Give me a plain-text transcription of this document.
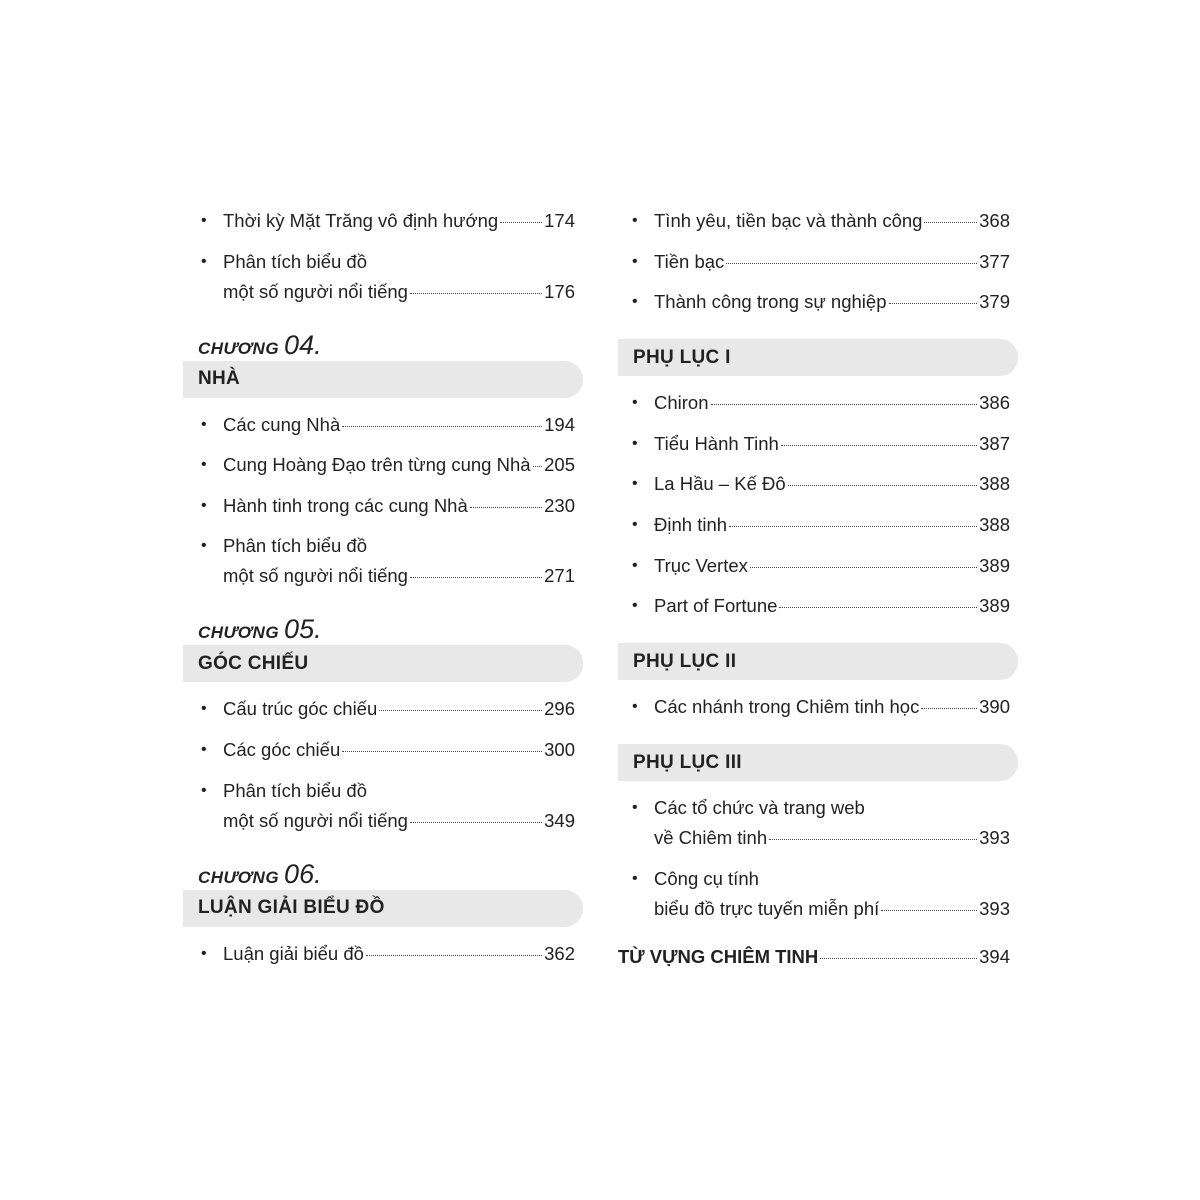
• Thời kỳ Mặt Trăng vô định hướng 174
• Phân tích biểu đồ
một số người nổi tiếng	176
CHƯƠNG 04.
NHÀ
• Các cung Nhà	194
• Cung Hoàng Đạo trên từng cung Nhà 205
• Hành tinh trong các cung Nhà	230
• Phân tích biểu đồ
một số người nổi tiếng	271
CHƯƠNG 05.
GÓC CHIẾU
• Cấu trúc góc chiếu	296
• Các góc chiếu	300
• Phân tích biểu đồ
một số người nổi tiếng	349
CHƯƠNG 06.
LUẬN GIẢI BIỂU ĐỒ
• Luận giải biểu đồ	362
• Tình yêu, tiền bạc và thành công	368
• Tiền bạc	377
• Thành công trong sự nghiệp	379
PHỤ LỤC I
• Chiron	386
• Tiểu Hành Tinh	387
• La Hầu – Kế Đô	388
• Định tinh	388
• Trục Vertex	389
• Part of Fortune	389
PHỤ LỤC II
• Các nhánh trong Chiêm tinh học	390
PHỤ LỤC III
• Các tổ chức và trang web
về Chiêm tinh	393
• Công cụ tính
biểu đồ trực tuyến miễn phí	393
TỪ VỰNG CHIÊM TINH	394
